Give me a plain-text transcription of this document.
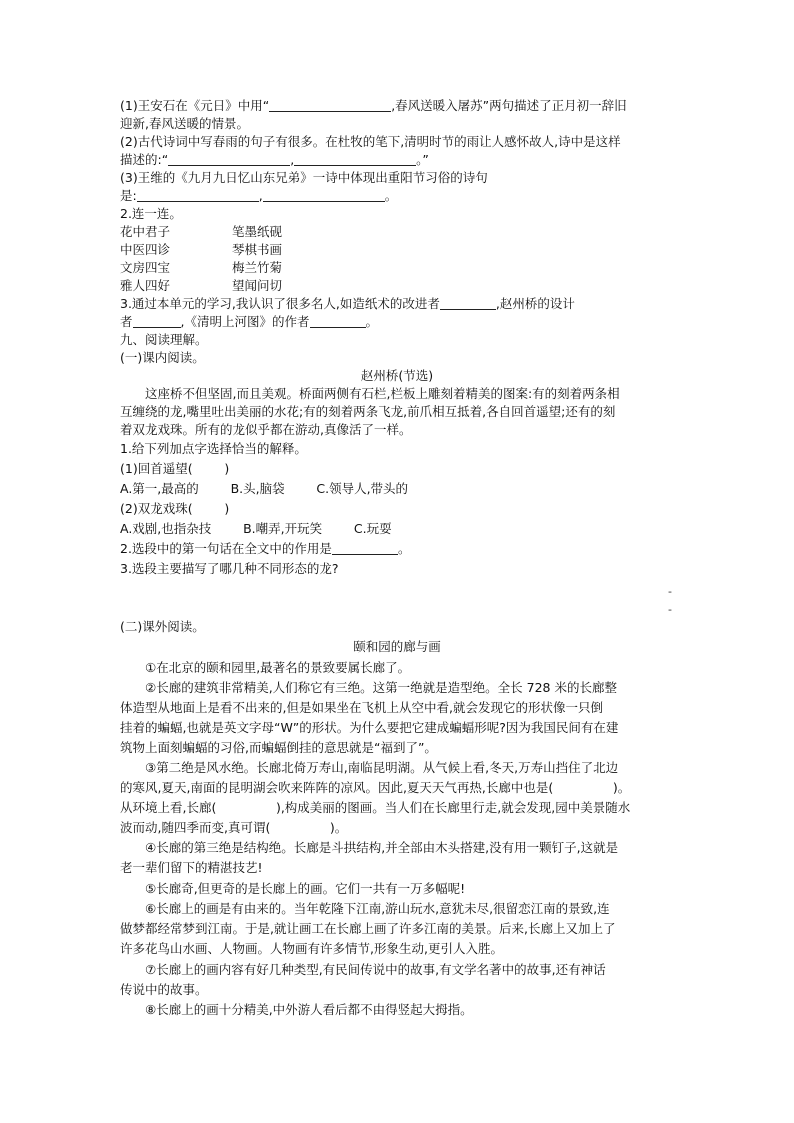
(1)王安石在《元日》中用“	,春风送暖入屠苏”两句描述了正月初一辞旧
迎新,春风送暖的情景。
(2)古代诗词中写春雨的句子有很多。在杜牧的笔下,清明时节的雨让人感怀故人,诗中是这样
描述的:“	,	。”
(3)王维的《九月九日忆山东兄弟》一诗中体现出重阳节习俗的诗句
是:	,	。
2.连一连。
花中君子	笔墨纸砚
中医四诊	琴棋书画
文房四宝	梅兰竹菊
雅人四好	望闻问切
3.通过本单元的学习,我认识了很多名人,如造纸术的改进者	,赵州桥的设计
者	,《清明上河图》的作者	。
九、阅读理解。
(一)课内阅读。
赵州桥(节选)
这座桥不但坚固,而且美观。桥面两侧有石栏,栏板上雕刻着精美的图案:有的刻着两条相
互缠绕的龙,嘴里吐出美丽的水花;有的刻着两条飞龙,前爪相互抵着,各自回首遥望;还有的刻
着双龙戏珠。所有的龙似乎都在游动,真像活了一样。
1.给下列加点字选择恰当的解释。
(1)回首遥望(        )
A.第一,最高的        B.头,脑袋        C.领导人,带头的
(2)双龙戏珠(        )
A.戏剧,也指杂技        B.嘲弄,开玩笑        C.玩耍
2.选段中的第一句话在全文中的作用是	。
3.选段主要描写了哪几种不同形态的龙?
-
-
(二)课外阅读。
颐和园的廊与画
①在北京的颐和园里,最著名的景致要属长廊了。
②长廊的建筑非常精美,人们称它有三绝。这第一绝就是造型绝。全长 728 米的长廊整
体造型从地面上是看不出来的,但是如果坐在飞机上从空中看,就会发现它的形状像一只倒
挂着的蝙蝠,也就是英文字母“W”的形状。为什么要把它建成蝙蝠形呢?因为我国民间有在建
筑物上面刻蝙蝠的习俗,而蝙蝠倒挂的意思就是“福到了”。
③第二绝是风水绝。长廊北倚万寿山,南临昆明湖。从气候上看,冬天,万寿山挡住了北边
的寒风,夏天,南面的昆明湖会吹来阵阵的凉风。因此,夏天天气再热,长廊中也是(               )。
从环境上看,长廊(               ),构成美丽的图画。当人们在长廊里行走,就会发现,园中美景随水
波而动,随四季而变,真可谓(               )。
④长廊的第三绝是结构绝。长廊是斗拱结构,并全部由木头搭建,没有用一颗钉子,这就是
老一辈们留下的精湛技艺!
⑤长廊奇,但更奇的是长廊上的画。它们一共有一万多幅呢!
⑥长廊上的画是有由来的。当年乾隆下江南,游山玩水,意犹未尽,很留恋江南的景致,连
做梦都经常梦到江南。于是,就让画工在长廊上画了许多江南的美景。后来,长廊上又加上了
许多花鸟山水画、人物画。人物画有许多情节,形象生动,更引人入胜。
⑦长廊上的画内容有好几种类型,有民间传说中的故事,有文学名著中的故事,还有神话
传说中的故事。
⑧长廊上的画十分精美,中外游人看后都不由得竖起大拇指。
